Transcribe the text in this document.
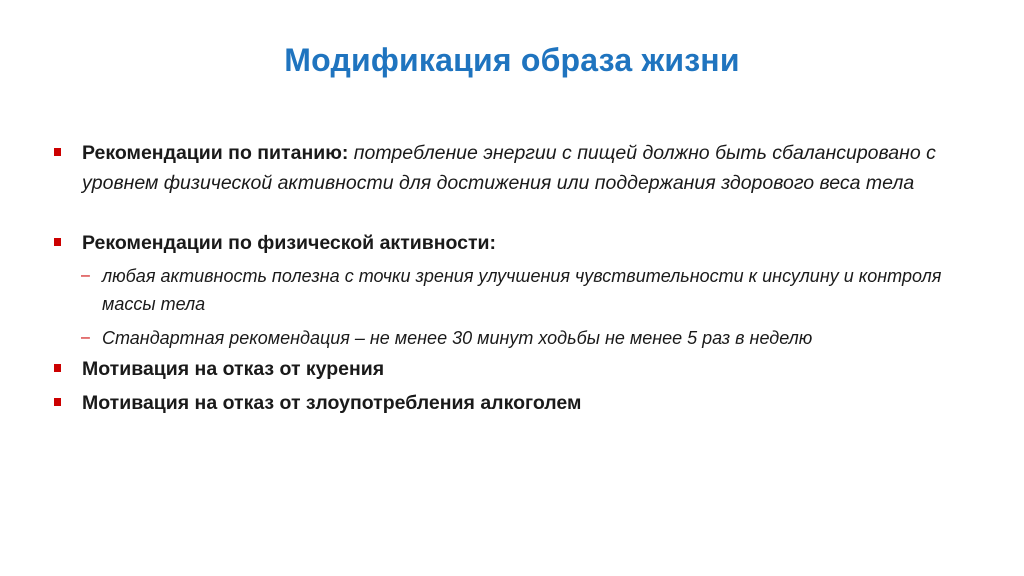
Модификация образа жизни
Рекомендации по питанию: потребление энергии с пищей должно быть сбалансировано с уровнем физической активности для достижения или поддержания здорового веса тела
Рекомендации по физической активности:
– любая активность полезна с точки зрения улучшения чувствительности к инсулину и контроля массы тела
– Стандартная рекомендация – не менее 30 минут ходьбы не менее 5 раз в неделю
Мотивация на отказ от курения
Мотивация на отказ от злоупотребления алкоголем
